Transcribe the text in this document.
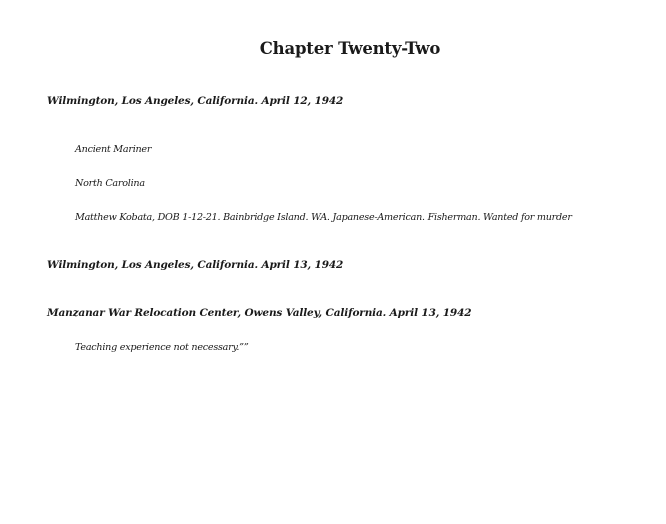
Chapter Twenty-Two
Wilmington, Los Angeles, California. April 12, 1942
Ancient Mariner
North Carolina
Matthew Kobata, DOB 1-12-21. Bainbridge Island. WA. Japanese-American. Fisherman. Wanted for murder
Wilmington, Los Angeles, California. April 13, 1942
Manzanar War Relocation Center, Owens Valley, California. April 13, 1942
Teaching experience not necessary.””
